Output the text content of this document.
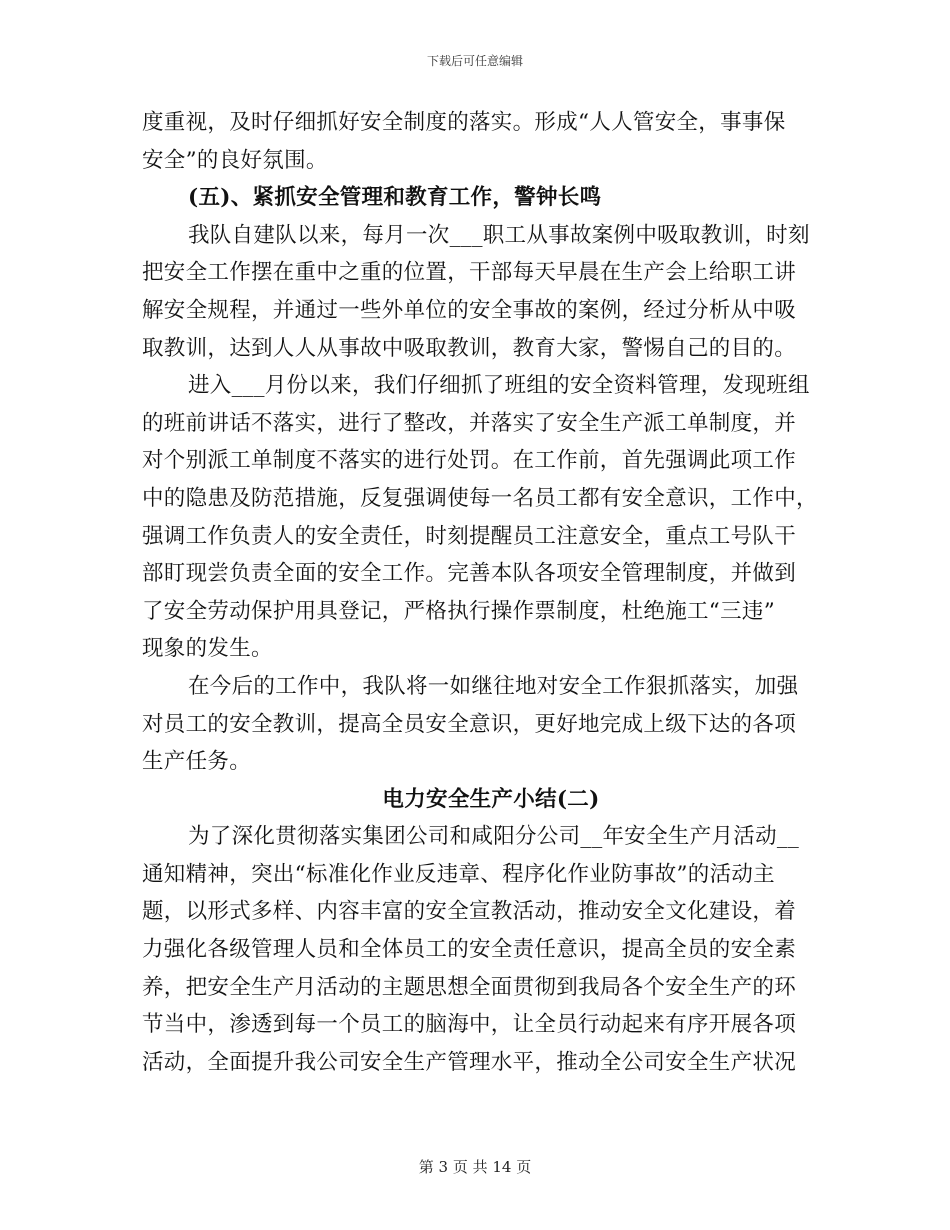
下载后可任意编辑
度重视，及时仔细抓好安全制度的落实。形成“人人管安全，事事保
安全”的良好氛围。
(五)、紧抓安全管理和教育工作，警钟长鸣
我队自建队以来，每月一次___职工从事故案例中吸取教训，时刻
把安全工作摆在重中之重的位置，干部每天早晨在生产会上给职工讲
解安全规程，并通过一些外单位的安全事故的案例，经过分析从中吸
取教训，达到人人从事故中吸取教训，教育大家，警惕自己的目的。
进入___月份以来，我们仔细抓了班组的安全资料管理，发现班组
的班前讲话不落实，进行了整改，并落实了安全生产派工单制度，并
对个别派工单制度不落实的进行处罚。在工作前，首先强调此项工作
中的隐患及防范措施，反复强调使每一名员工都有安全意识，工作中，
强调工作负责人的安全责任，时刻提醒员工注意安全，重点工号队干
部盯现尝负责全面的安全工作。完善本队各项安全管理制度，并做到
了安全劳动保护用具登记，严格执行操作票制度，杜绝施工“三违”
现象的发生。
在今后的工作中，我队将一如继往地对安全工作狠抓落实，加强
对员工的安全教训，提高全员安全意识，更好地完成上级下达的各项
生产任务。
电力安全生产小结(二)
为了深化贯彻落实集团公司和咸阳分公司__年安全生产月活动__
通知精神，突出“标准化作业反违章、程序化作业防事故”的活动主
题，以形式多样、内容丰富的安全宣教活动，推动安全文化建设，着
力强化各级管理人员和全体员工的安全责任意识，提高全员的安全素
养，把安全生产月活动的主题思想全面贯彻到我局各个安全生产的环
节当中，渗透到每一个员工的脑海中，让全员行动起来有序开展各项
活动，全面提升我公司安全生产管理水平，推动全公司安全生产状况
第 3 页 共 14 页
